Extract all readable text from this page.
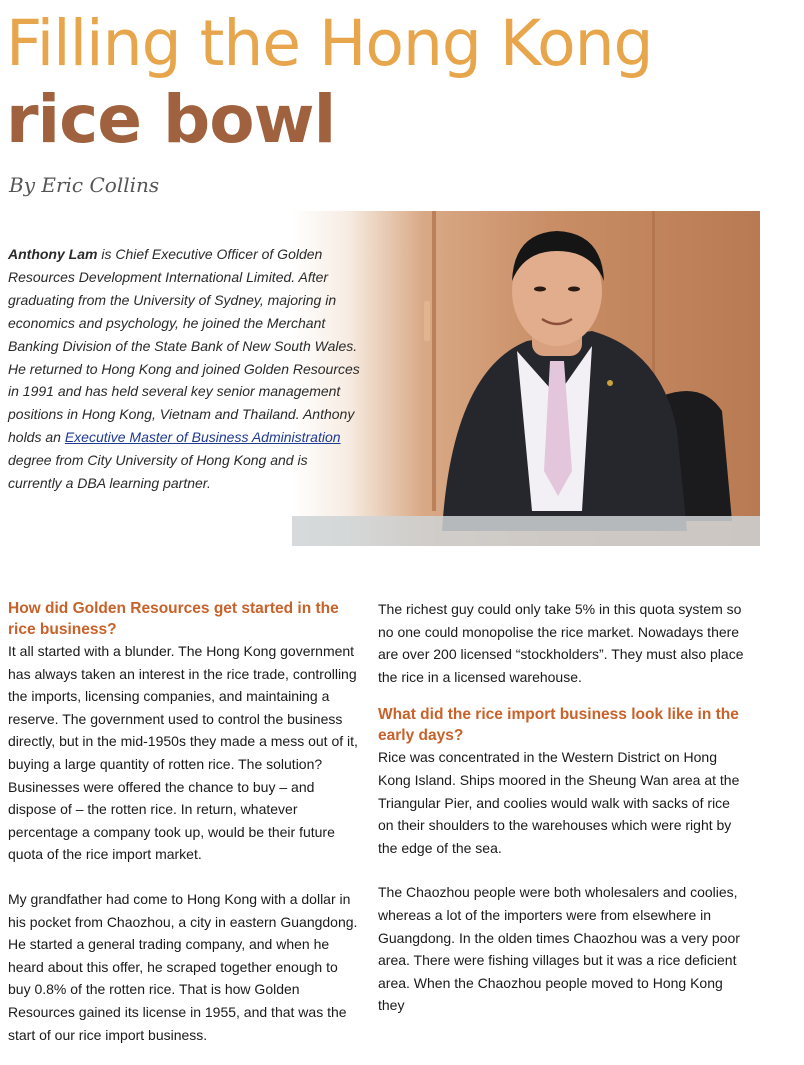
Filling the Hong Kong
rice bowl
By Eric Collins

Anthony Lam is Chief Executive Officer of Golden Resources Development International Limited. After graduating from the University of Sydney, majoring in economics and psychology, he joined the Merchant Banking Division of the State Bank of New South Wales. He returned to Hong Kong and joined Golden Resources in 1991 and has held several key senior management positions in Hong Kong, Vietnam and Thailand. Anthony holds an Executive Master of Business Administration degree from City University of Hong Kong and is currently a DBA learning partner.

How did Golden Resources get started in the rice business?

It all started with a blunder. The Hong Kong government has always taken an interest in the rice trade, controlling the imports, licensing companies, and maintaining a reserve. The government used to control the business directly, but in the mid-1950s they made a mess out of it, buying a large quantity of rotten rice. The solution? Businesses were offered the chance to buy – and dispose of – the rotten rice. In return, whatever percentage a company took up, would be their future quota of the rice import market.

My grandfather had come to Hong Kong with a dollar in his pocket from Chaozhou, a city in eastern Guangdong. He started a general trading company, and when he heard about this offer, he scraped together enough to buy 0.8% of the rotten rice. That is how Golden Resources gained its license in 1955, and that was the start of our rice import business.

The richest guy could only take 5% in this quota system so no one could monopolise the rice market. Nowadays there are over 200 licensed “stockholders”. They must also place the rice in a licensed warehouse.

What did the rice import business look like in the early days?

Rice was concentrated in the Western District on Hong Kong Island. Ships moored in the Sheung Wan area at the Triangular Pier, and coolies would walk with sacks of rice on their shoulders to the warehouses which were right by the edge of the sea.

The Chaozhou people were both wholesalers and coolies, whereas a lot of the importers were from elsewhere in Guangdong. In the olden times Chaozhou was a very poor area. There were fishing villages but it was a rice deficient area. When the Chaozhou people moved to Hong Kong they
